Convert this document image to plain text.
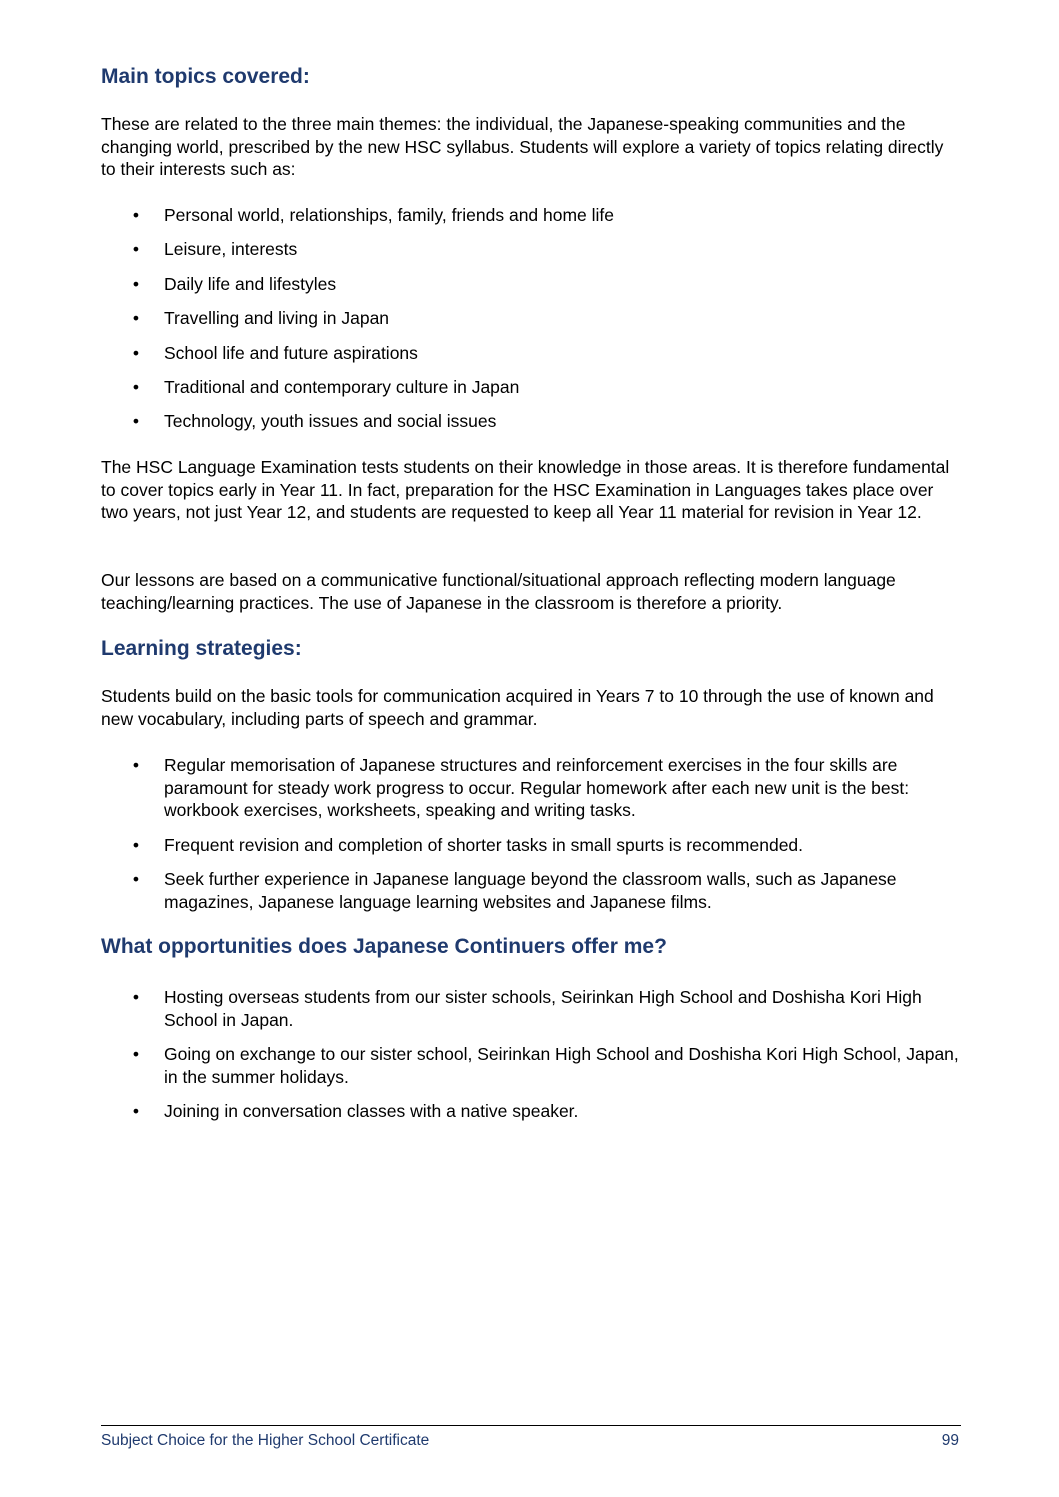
Main topics covered:

These are related to the three main themes: the individual, the Japanese-speaking communities and the changing world, prescribed by the new HSC syllabus. Students will explore a variety of topics relating directly to their interests such as:

• Personal world, relationships, family, friends and home life
• Leisure, interests
• Daily life and lifestyles
• Travelling and living in Japan
• School life and future aspirations
• Traditional and contemporary culture in Japan
• Technology, youth issues and social issues

The HSC Language Examination tests students on their knowledge in those areas. It is therefore fundamental to cover topics early in Year 11. In fact, preparation for the HSC Examination in Languages takes place over two years, not just Year 12, and students are requested to keep all Year 11 material for revision in Year 12.

Our lessons are based on a communicative functional/situational approach reflecting modern language teaching/learning practices. The use of Japanese in the classroom is therefore a priority.

Learning strategies:

Students build on the basic tools for communication acquired in Years 7 to 10 through the use of known and new vocabulary, including parts of speech and grammar.

• Regular memorisation of Japanese structures and reinforcement exercises in the four skills are paramount for steady work progress to occur. Regular homework after each new unit is the best: workbook exercises, worksheets, speaking and writing tasks.
• Frequent revision and completion of shorter tasks in small spurts is recommended.
• Seek further experience in Japanese language beyond the classroom walls, such as Japanese magazines, Japanese language learning websites and Japanese films.
What opportunities does Japanese Continuers offer me?
• Hosting overseas students from our sister schools, Seirinkan High School and Doshisha Kori High School in Japan.
• Going on exchange to our sister school, Seirinkan High School and Doshisha Kori High School, Japan, in the summer holidays.
• Joining in conversation classes with a native speaker.
Subject Choice for the Higher School Certificate	99
